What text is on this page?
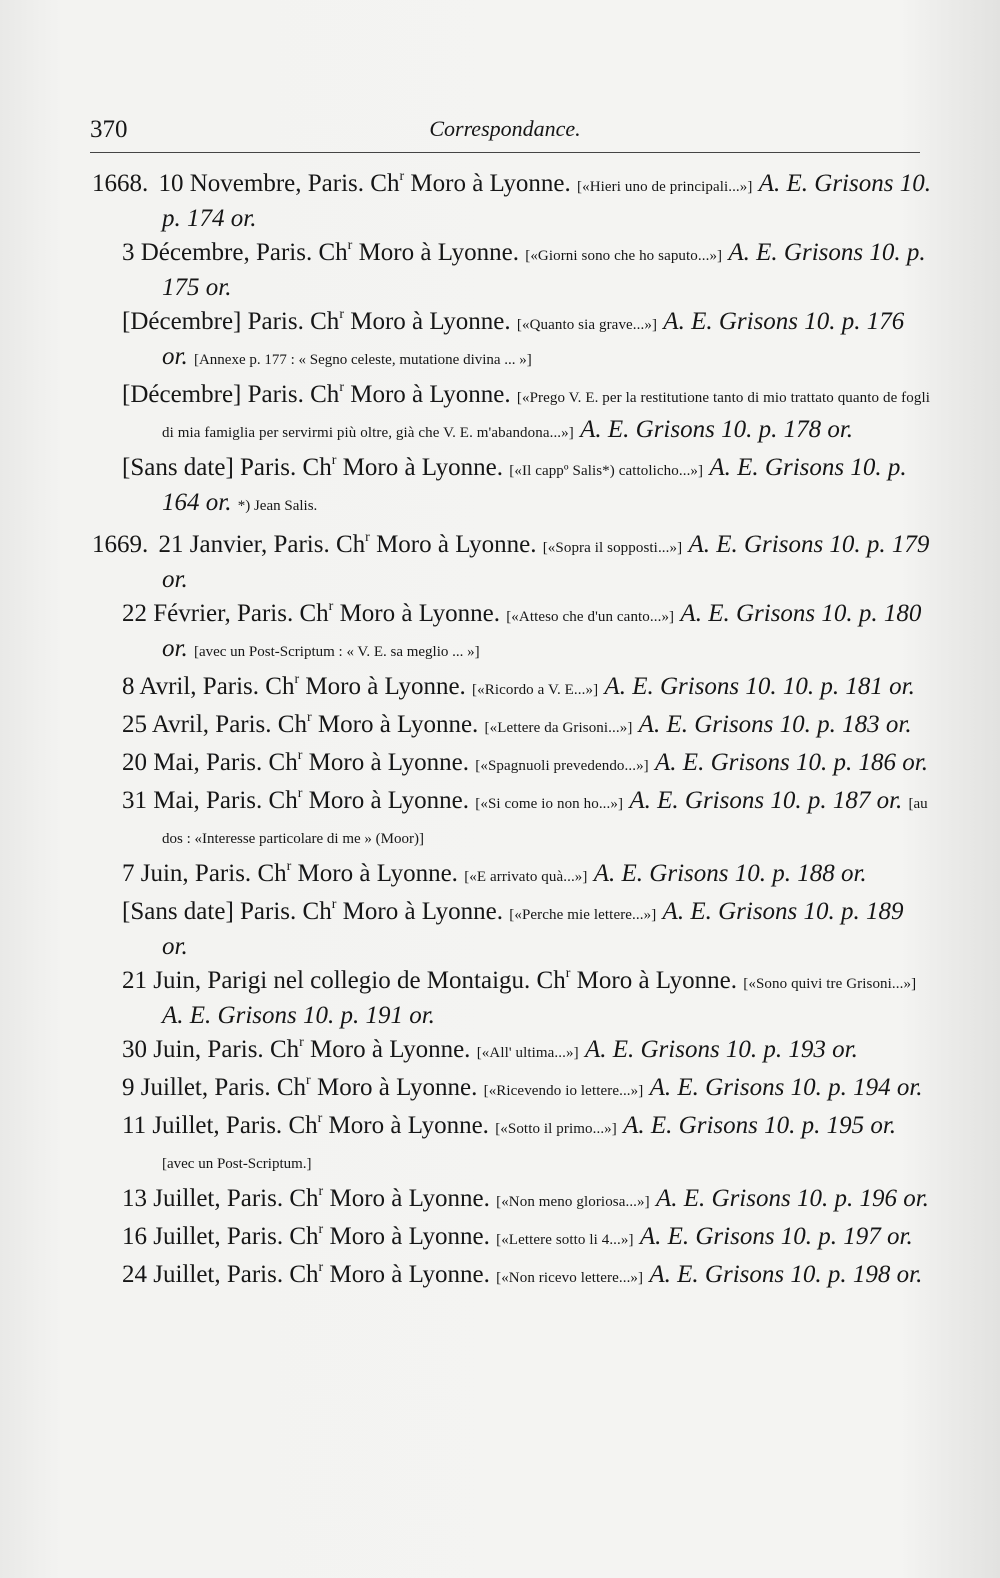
370	Correspondance.
1668. 10 Novembre, Paris. Ch$^r$ Moro à Lyonne. [«Hieri uno de principali...»] A. E. Grisons 10. p. 174 or.
3 Décembre, Paris. Ch$^r$ Moro à Lyonne. [«Giorni sono che ho saputo...»] A. E. Grisons 10. p. 175 or.
[Décembre] Paris. Ch$^r$ Moro à Lyonne. [«Quanto sia grave...»] A. E. Grisons 10. p. 176 or. [Annexe p. 177 : « Segno celeste, mutatione divina ... »]
[Décembre] Paris. Ch$^r$ Moro à Lyonne. [«Prego V. E. per la restitutione tanto di mio trattato quanto de fogli di mia famiglia per servirmi più oltre, già che V. E. m'abandona...»] A. E. Grisons 10. p. 178 or.
[Sans date] Paris. Ch$^r$ Moro à Lyonne. [«Il cappº Salis*) cattolicho...»] A. E. Grisons 10. p. 164 or. *) Jean Salis.
1669. 21 Janvier, Paris. Ch$^r$ Moro à Lyonne. [«Sopra il sopposti...»] A. E. Grisons 10. p. 179 or.
22 Février, Paris. Ch$^r$ Moro à Lyonne. [«Atteso che d'un canto...»] A. E. Grisons 10. p. 180 or. [avec un Post-Scriptum : « V. E. sa meglio ... »]
8 Avril, Paris. Ch$^r$ Moro à Lyonne. [«Ricordo a V. E...»] A. E. Grisons 10. 10. p. 181 or.
25 Avril, Paris. Ch$^r$ Moro à Lyonne. [«Lettere da Grisoni...»] A. E. Grisons 10. p. 183 or.
20 Mai, Paris. Ch$^r$ Moro à Lyonne. [«Spagnuoli prevedendo...»] A. E. Grisons 10. p. 186 or.
31 Mai, Paris. Ch$^r$ Moro à Lyonne. [«Si come io non ho...»] A. E. Grisons 10. p. 187 or. [au dos : «Interesse particolare di me » (Moor)]
7 Juin, Paris. Ch$^r$ Moro à Lyonne. [«E arrivato quà...»] A. E. Grisons 10. p. 188 or.
[Sans date] Paris. Ch$^r$ Moro à Lyonne. [«Perche mie lettere...»] A. E. Grisons 10. p. 189 or.
21 Juin, Parigi nel collegio de Montaigu. Ch$^r$ Moro à Lyonne. [«Sono quivi tre Grisoni...»] A. E. Grisons 10. p. 191 or.
30 Juin, Paris. Ch$^r$ Moro à Lyonne. [«All' ultima...»] A. E. Grisons 10. p. 193 or.
9 Juillet, Paris. Ch$^r$ Moro à Lyonne. [«Ricevendo io lettere...»] A. E. Grisons 10. p. 194 or.
11 Juillet, Paris. Ch$^r$ Moro à Lyonne. [«Sotto il primo...»] A. E. Grisons 10. p. 195 or. [avec un Post-Scriptum.]
13 Juillet, Paris. Ch$^r$ Moro à Lyonne. [«Non meno gloriosa...»] A. E. Grisons 10. p. 196 or.
16 Juillet, Paris. Ch$^r$ Moro à Lyonne. [«Lettere sotto li 4...»] A. E. Grisons 10. p. 197 or.
24 Juillet, Paris. Ch$^r$ Moro à Lyonne. [«Non ricevo lettere...»] A. E. Grisons 10. p. 198 or.
